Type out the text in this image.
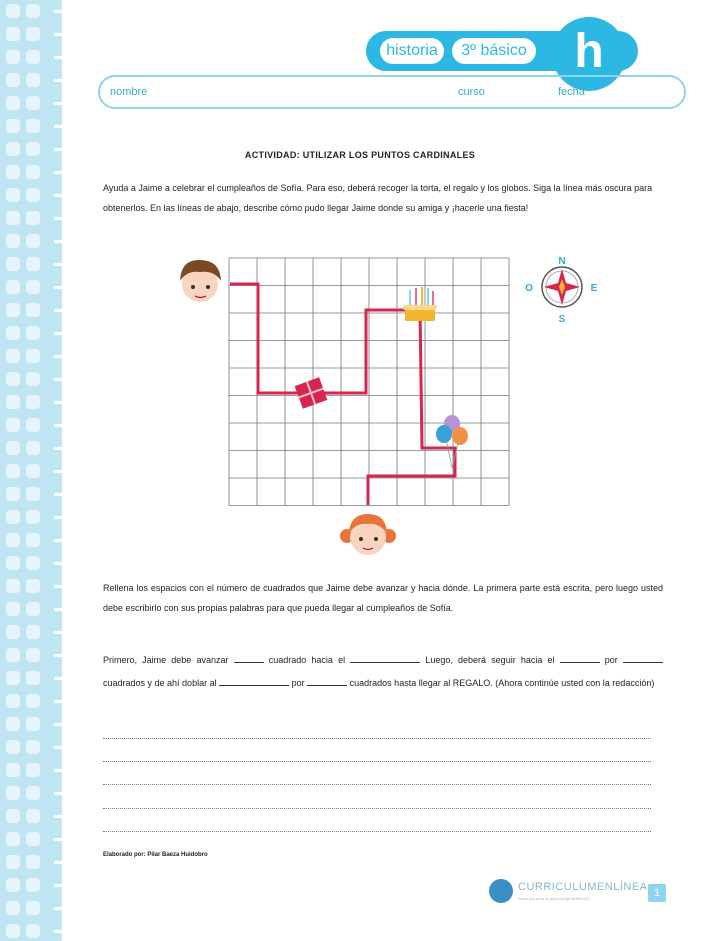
historia	3º básico h
nombre	curso	fecha
ACTIVIDAD: UTILIZAR LOS PUNTOS CARDINALES
Ayuda a Jaime a celebrar el cumpleaños de Sofía. Para eso, deberá recoger la torta, el regalo y los globos. Siga la línea más oscura para obtenerlos. En las líneas de abajo, describe cómo pudo llegar Jaime donde su amiga y ¡hacerle una fiesta!
N
S
E
O
Rellena los espacios con el número de cuadrados que Jaime debe avanzar y hacia dónde. La primera parte está escrita, pero luego usted debe escribirlo con sus propias palabras para que pueda llegar al cumpleaños de Sofía.
Primero, Jaime debe avanzar	cuadrado hacia el	Luego, deberá seguir hacia el	por  cuadrados y de ahí doblar al	por	cuadrados hasta llegar al REGALO. (Ahora continúe usted con la redacción)
Elaborado por: Pilar Baeza Huidobro
CURRICULUMENLÍNEA
Recursos para el aprendizaje MINEDUC	1
